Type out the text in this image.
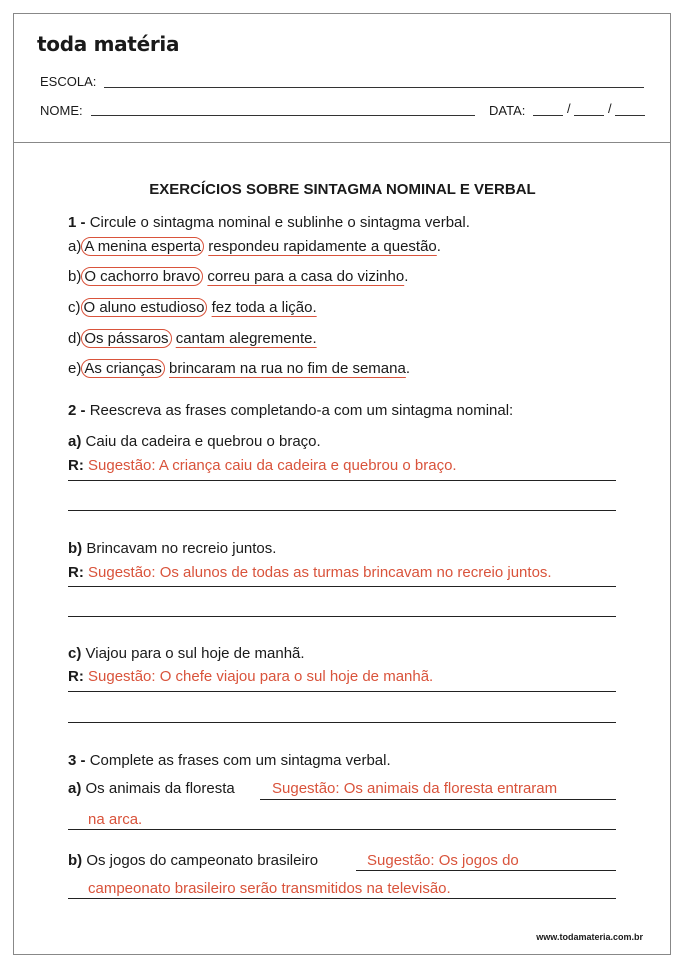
toda matéria
ESCOLA:
NOME:	DATA:	/	/
EXERCÍCIOS SOBRE SINTAGMA NOMINAL E VERBAL
1 - Circule o sintagma nominal e sublinhe o sintagma verbal.
a) A menina esperta respondeu rapidamente a questão.
b) O cachorro bravo correu para a casa do vizinho.
c) O aluno estudioso fez toda a lição.
d) Os pássaros cantam alegremente.
e) As crianças brincaram na rua no fim de semana.
2 - Reescreva as frases completando-a com um sintagma nominal:
a) Caiu da cadeira e quebrou o braço.
R: Sugestão: A criança caiu da cadeira e quebrou o braço.
b) Brincavam no recreio juntos.
R: Sugestão: Os alunos de todas as turmas brincavam no recreio juntos.
c) Viajou para o sul hoje de manhã.
R: Sugestão: O chefe viajou para o sul hoje de manhã.
3 - Complete as frases com um sintagma verbal.
a) Os animais da floresta Sugestão: Os animais da floresta entraram
na arca.
b) Os jogos do campeonato brasileiro	Sugestão: Os jogos do
campeonato brasileiro serão transmitidos na televisão.
www.todamateria.com.br
